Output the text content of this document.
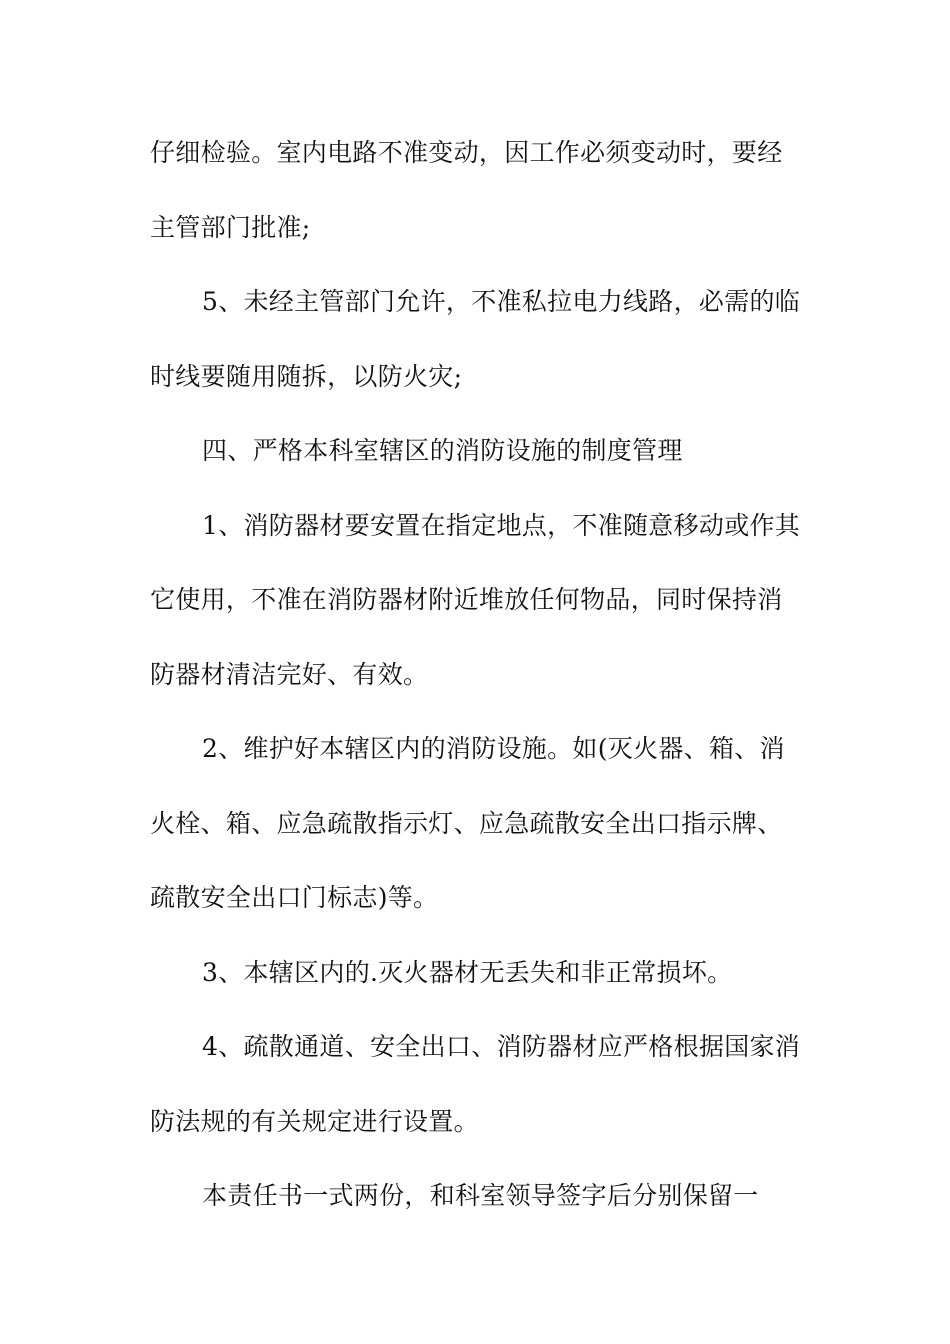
仔细检验。室内电路不准变动，因工作必须变动时，要经
主管部门批准;
5、未经主管部门允许，不准私拉电力线路，必需的临
时线要随用随拆，以防火灾;
四、严格本科室辖区的消防设施的制度管理
1、消防器材要安置在指定地点，不准随意移动或作其
它使用，不准在消防器材附近堆放任何物品，同时保持消
防器材清洁完好、有效。
2、维护好本辖区内的消防设施。如(灭火器、箱、消
火栓、箱、应急疏散指示灯、应急疏散安全出口指示牌、
疏散安全出口门标志)等。
3、本辖区内的.灭火器材无丢失和非正常损坏。
4、疏散通道、安全出口、消防器材应严格根据国家消
防法规的有关规定进行设置。
本责任书一式两份，和科室领导签字后分别保留一
